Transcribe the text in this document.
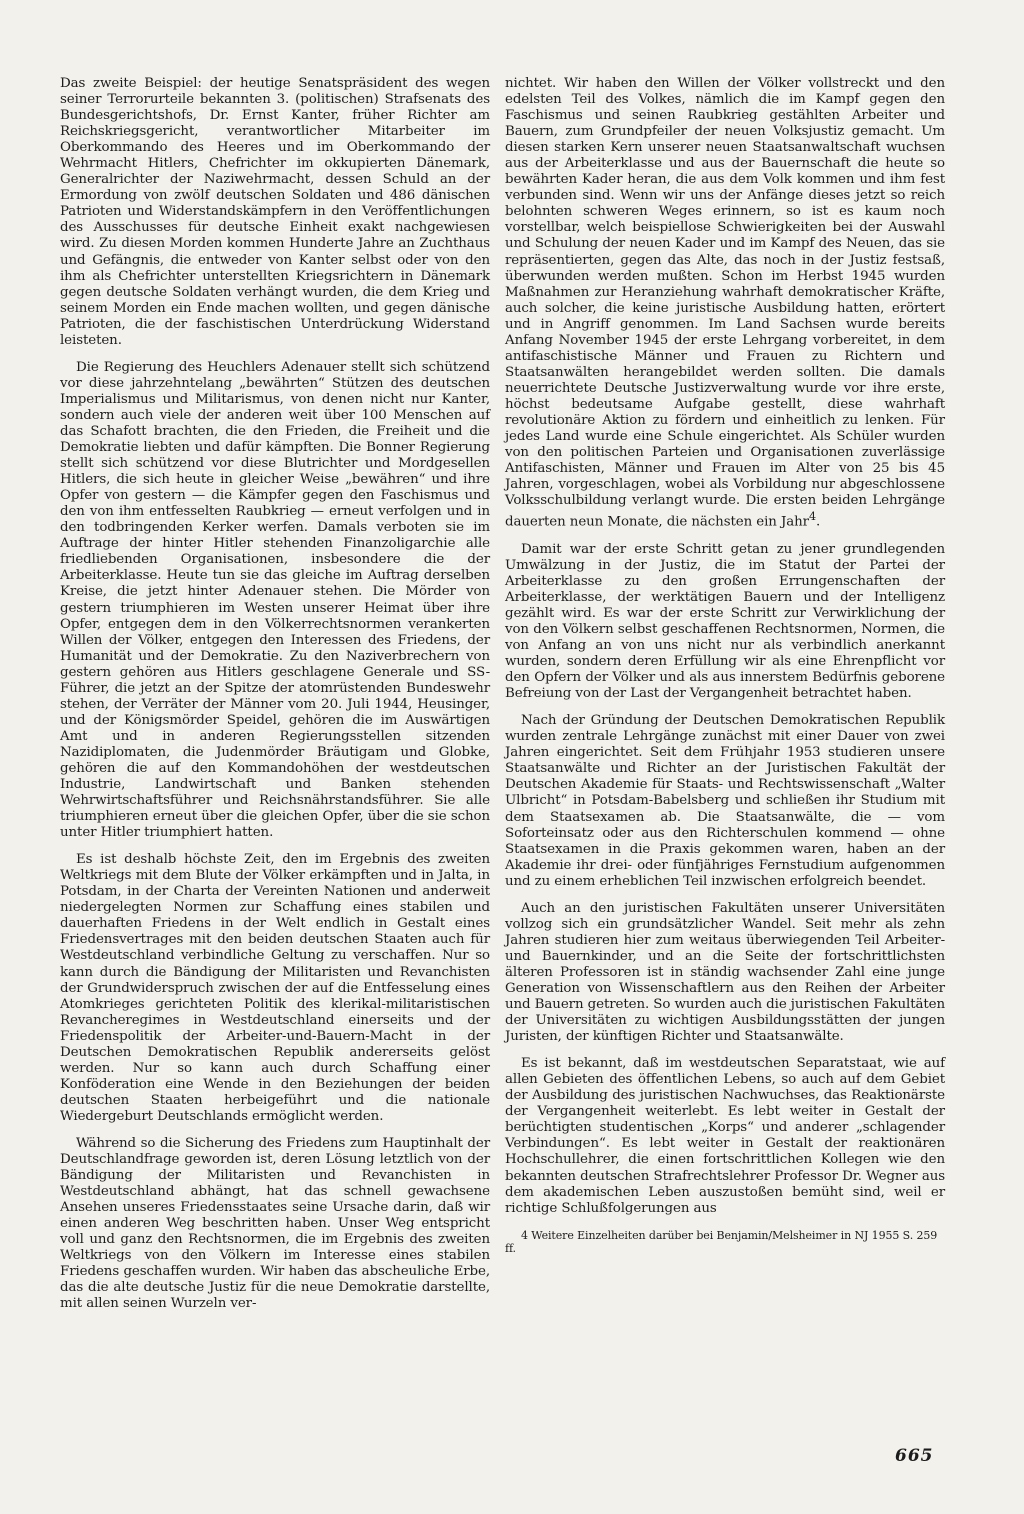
Das zweite Beispiel: der heutige Senatspräsident des wegen seiner Terrorurteile bekannten 3. (politischen) Strafsenats des Bundesgerichtshofs, Dr. Ernst Kanter, früher Richter am Reichskriegsgericht, verantwortlicher Mitarbeiter im Oberkommando des Heeres und im Oberkommando der Wehrmacht Hitlers, Chefrichter im okkupierten Dänemark, Generalrichter der Naziwehrmacht, dessen Schuld an der Ermordung von zwölf deutschen Soldaten und 486 dänischen Patrioten und Widerstandskämpfern in den Veröffentlichungen des Ausschusses für deutsche Einheit exakt nachgewiesen wird. Zu diesen Morden kommen Hunderte Jahre an Zuchthaus und Gefängnis, die entweder von Kanter selbst oder von den ihm als Chefrichter unterstellten Kriegsrichtern in Dänemark gegen deutsche Soldaten verhängt wurden, die dem Krieg und seinem Morden ein Ende machen wollten, und gegen dänische Patrioten, die der faschistischen Unterdrückung Widerstand leisteten.

Die Regierung des Heuchlers Adenauer stellt sich schützend vor diese jahrzehntelang „bewährten“ Stützen des deutschen Imperialismus und Militarismus, von denen nicht nur Kanter, sondern auch viele der anderen weit über 100 Menschen auf das Schafott brachten, die den Frieden, die Freiheit und die Demokratie liebten und dafür kämpften. Die Bonner Regierung stellt sich schützend vor diese Blutrichter und Mordgesellen Hitlers, die sich heute in gleicher Weise „bewähren“ und ihre Opfer von gestern — die Kämpfer gegen den Faschismus und den von ihm entfesselten Raubkrieg — erneut verfolgen und in den todbringenden Kerker werfen. Damals verboten sie im Auftrage der hinter Hitler stehenden Finanzoligarchie alle friedliebenden Organisationen, insbesondere die der Arbeiterklasse. Heute tun sie das gleiche im Auftrag derselben Kreise, die jetzt hinter Adenauer stehen. Die Mörder von gestern triumphieren im Westen unserer Heimat über ihre Opfer, entgegen dem in den Völkerrechtsnormen verankerten Willen der Völker, entgegen den Interessen des Friedens, der Humanität und der Demokratie. Zu den Naziverbrechern von gestern gehören aus Hitlers geschlagene Generale und SS-Führer, die jetzt an der Spitze der atomrüstenden Bundeswehr stehen, der Verräter der Männer vom 20. Juli 1944, Heusinger, und der Königsmörder Speidel, gehören die im Auswärtigen Amt und in anderen Regierungsstellen sitzenden Nazidiplomaten, die Judenmörder Bräutigam und Globke, gehören die auf den Kommandohöhen der westdeutschen Industrie, Landwirtschaft und Banken stehenden Wehrwirtschaftsführer und Reichsnährstandsführer. Sie alle triumphieren erneut über die gleichen Opfer, über die sie schon unter Hitler triumphiert hatten.

Es ist deshalb höchste Zeit, den im Ergebnis des zweiten Weltkriegs mit dem Blute der Völker erkämpften und in Jalta, in Potsdam, in der Charta der Vereinten Nationen und anderweit niedergelegten Normen zur Schaffung eines stabilen und dauerhaften Friedens in der Welt endlich in Gestalt eines Friedensvertrages mit den beiden deutschen Staaten auch für Westdeutschland verbindliche Geltung zu verschaffen. Nur so kann durch die Bändigung der Militaristen und Revanchisten der Grundwiderspruch zwischen der auf die Entfesselung eines Atomkrieges gerichteten Politik des klerikal-militaristischen Revancheregimes in Westdeutschland einerseits und der Friedenspolitik der Arbeiter-und-Bauern-Macht in der Deutschen Demokratischen Republik andererseits gelöst werden. Nur so kann auch durch Schaffung einer Konföderation eine Wende in den Beziehungen der beiden deutschen Staaten herbeigeführt und die nationale Wiedergeburt Deutschlands ermöglicht werden.

Während so die Sicherung des Friedens zum Hauptinhalt der Deutschlandfrage geworden ist, deren Lösung letztlich von der Bändigung der Militaristen und Revanchisten in Westdeutschland abhängt, hat das schnell gewachsene Ansehen unseres Friedensstaates seine Ursache darin, daß wir einen anderen Weg beschritten haben. Unser Weg entspricht voll und ganz den Rechtsnormen, die im Ergebnis des zweiten Weltkriegs von den Völkern im Interesse eines stabilen Friedens geschaffen wurden. Wir haben das abscheuliche Erbe, das die alte deutsche Justiz für die neue Demokratie darstellte, mit allen seinen Wurzeln ver-

nichtet. Wir haben den Willen der Völker vollstreckt und den edelsten Teil des Volkes, nämlich die im Kampf gegen den Faschismus und seinen Raubkrieg gestählten Arbeiter und Bauern, zum Grundpfeiler der neuen Volksjustiz gemacht. Um diesen starken Kern unserer neuen Staatsanwaltschaft wuchsen aus der Arbeiterklasse und aus der Bauernschaft die heute so bewährten Kader heran, die aus dem Volk kommen und ihm fest verbunden sind. Wenn wir uns der Anfänge dieses jetzt so reich belohnten schweren Weges erinnern, so ist es kaum noch vorstellbar, welch beispiellose Schwierigkeiten bei der Auswahl und Schulung der neuen Kader und im Kampf des Neuen, das sie repräsentierten, gegen das Alte, das noch in der Justiz festsaß, überwunden werden mußten. Schon im Herbst 1945 wurden Maßnahmen zur Heranziehung wahrhaft demokratischer Kräfte, auch solcher, die keine juristische Ausbildung hatten, erörtert und in Angriff genommen. Im Land Sachsen wurde bereits Anfang November 1945 der erste Lehrgang vorbereitet, in dem antifaschistische Männer und Frauen zu Richtern und Staatsanwälten herangebildet werden sollten. Die damals neuerrichtete Deutsche Justizverwaltung wurde vor ihre erste, höchst bedeutsame Aufgabe gestellt, diese wahrhaft revolutionäre Aktion zu fördern und einheitlich zu lenken. Für jedes Land wurde eine Schule eingerichtet. Als Schüler wurden von den politischen Parteien und Organisationen zuverlässige Antifaschisten, Männer und Frauen im Alter von 25 bis 45 Jahren, vorgeschlagen, wobei als Vorbildung nur abgeschlossene Volksschulbildung verlangt wurde. Die ersten beiden Lehrgänge dauerten neun Monate, die nächsten ein Jahr$^4$.

Damit war der erste Schritt getan zu jener grundlegenden Umwälzung in der Justiz, die im Statut der Partei der Arbeiterklasse zu den großen Errungenschaften der Arbeiterklasse, der werktätigen Bauern und der Intelligenz gezählt wird. Es war der erste Schritt zur Verwirklichung der von den Völkern selbst geschaffenen Rechtsnormen, Normen, die von Anfang an von uns nicht nur als verbindlich anerkannt wurden, sondern deren Erfüllung wir als eine Ehrenpflicht vor den Opfern der Völker und als aus innerstem Bedürfnis geborene Befreiung von der Last der Vergangenheit betrachtet haben.

Nach der Gründung der Deutschen Demokratischen Republik wurden zentrale Lehrgänge zunächst mit einer Dauer von zwei Jahren eingerichtet. Seit dem Frühjahr 1953 studieren unsere Staatsanwälte und Richter an der Juristischen Fakultät der Deutschen Akademie für Staats- und Rechtswissenschaft „Walter Ulbricht“ in Potsdam-Babelsberg und schließen ihr Studium mit dem Staatsexamen ab. Die Staatsanwälte, die — vom Soforteinsatz oder aus den Richterschulen kommend — ohne Staatsexamen in die Praxis gekommen waren, haben an der Akademie ihr drei- oder fünfjähriges Fernstudium aufgenommen und zu einem erheblichen Teil inzwischen erfolgreich beendet.

Auch an den juristischen Fakultäten unserer Universitäten vollzog sich ein grundsätzlicher Wandel. Seit mehr als zehn Jahren studieren hier zum weitaus überwiegenden Teil Arbeiter- und Bauernkinder, und an die Seite der fortschrittlichsten älteren Professoren ist in ständig wachsender Zahl eine junge Generation von Wissenschaftlern aus den Reihen der Arbeiter und Bauern getreten. So wurden auch die juristischen Fakultäten der Universitäten zu wichtigen Ausbildungsstätten der jungen Juristen, der künftigen Richter und Staatsanwälte.

Es ist bekannt, daß im westdeutschen Separatstaat, wie auf allen Gebieten des öffentlichen Lebens, so auch auf dem Gebiet der Ausbildung des juristischen Nachwuchses, das Reaktionärste der Vergangenheit weiterlebt. Es lebt weiter in Gestalt der berüchtigten studentischen „Korps“ und anderer „schlagender Verbindungen“. Es lebt weiter in Gestalt der reaktionären Hochschullehrer, die einen fortschrittlichen Kollegen wie den bekannten deutschen Strafrechtslehrer Professor Dr. Wegner aus dem akademischen Leben auszustoßen bemüht sind, weil er richtige Schlußfolgerungen aus

4 Weitere Einzelheiten darüber bei Benjamin/Melsheimer in NJ 1955 S. 259 ff.
665
